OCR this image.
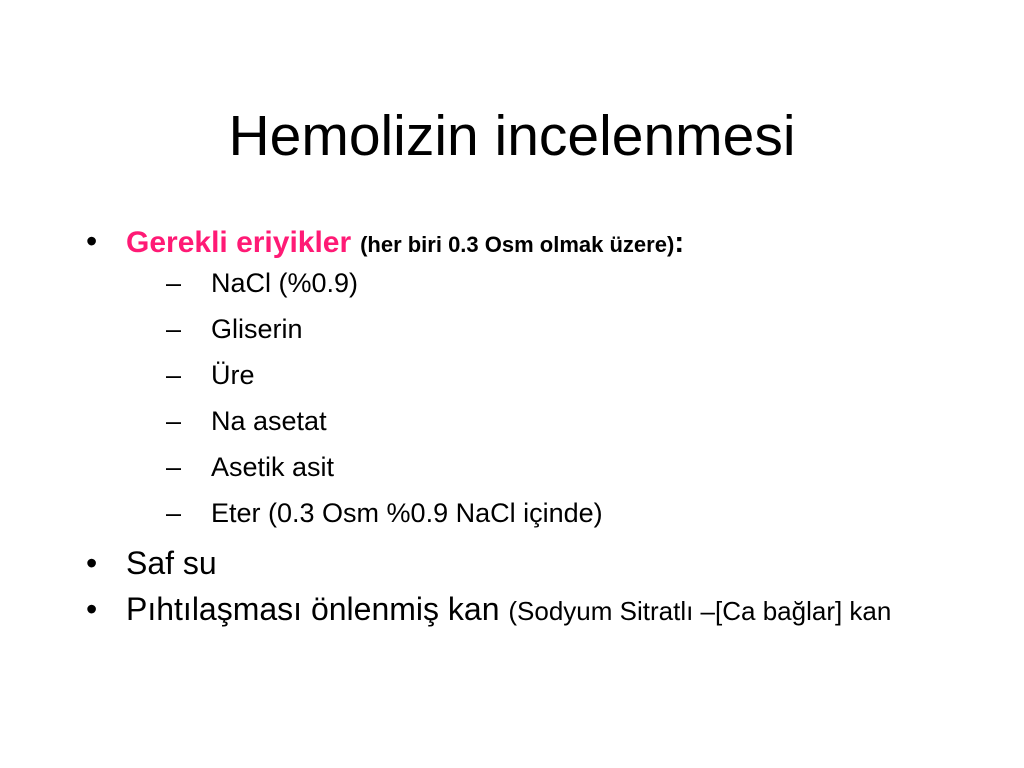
Hemolizin incelenmesi
• Gerekli eriyikler (her biri 0.3 Osm olmak üzere):
– NaCl (%0.9)
– Gliserin
– Üre
– Na asetat
– Asetik asit
– Eter (0.3 Osm %0.9 NaCl içinde)
• Saf su
• Pıhtılaşması önlenmiş kan (Sodyum Sitratlı –[Ca bağlar] kan
